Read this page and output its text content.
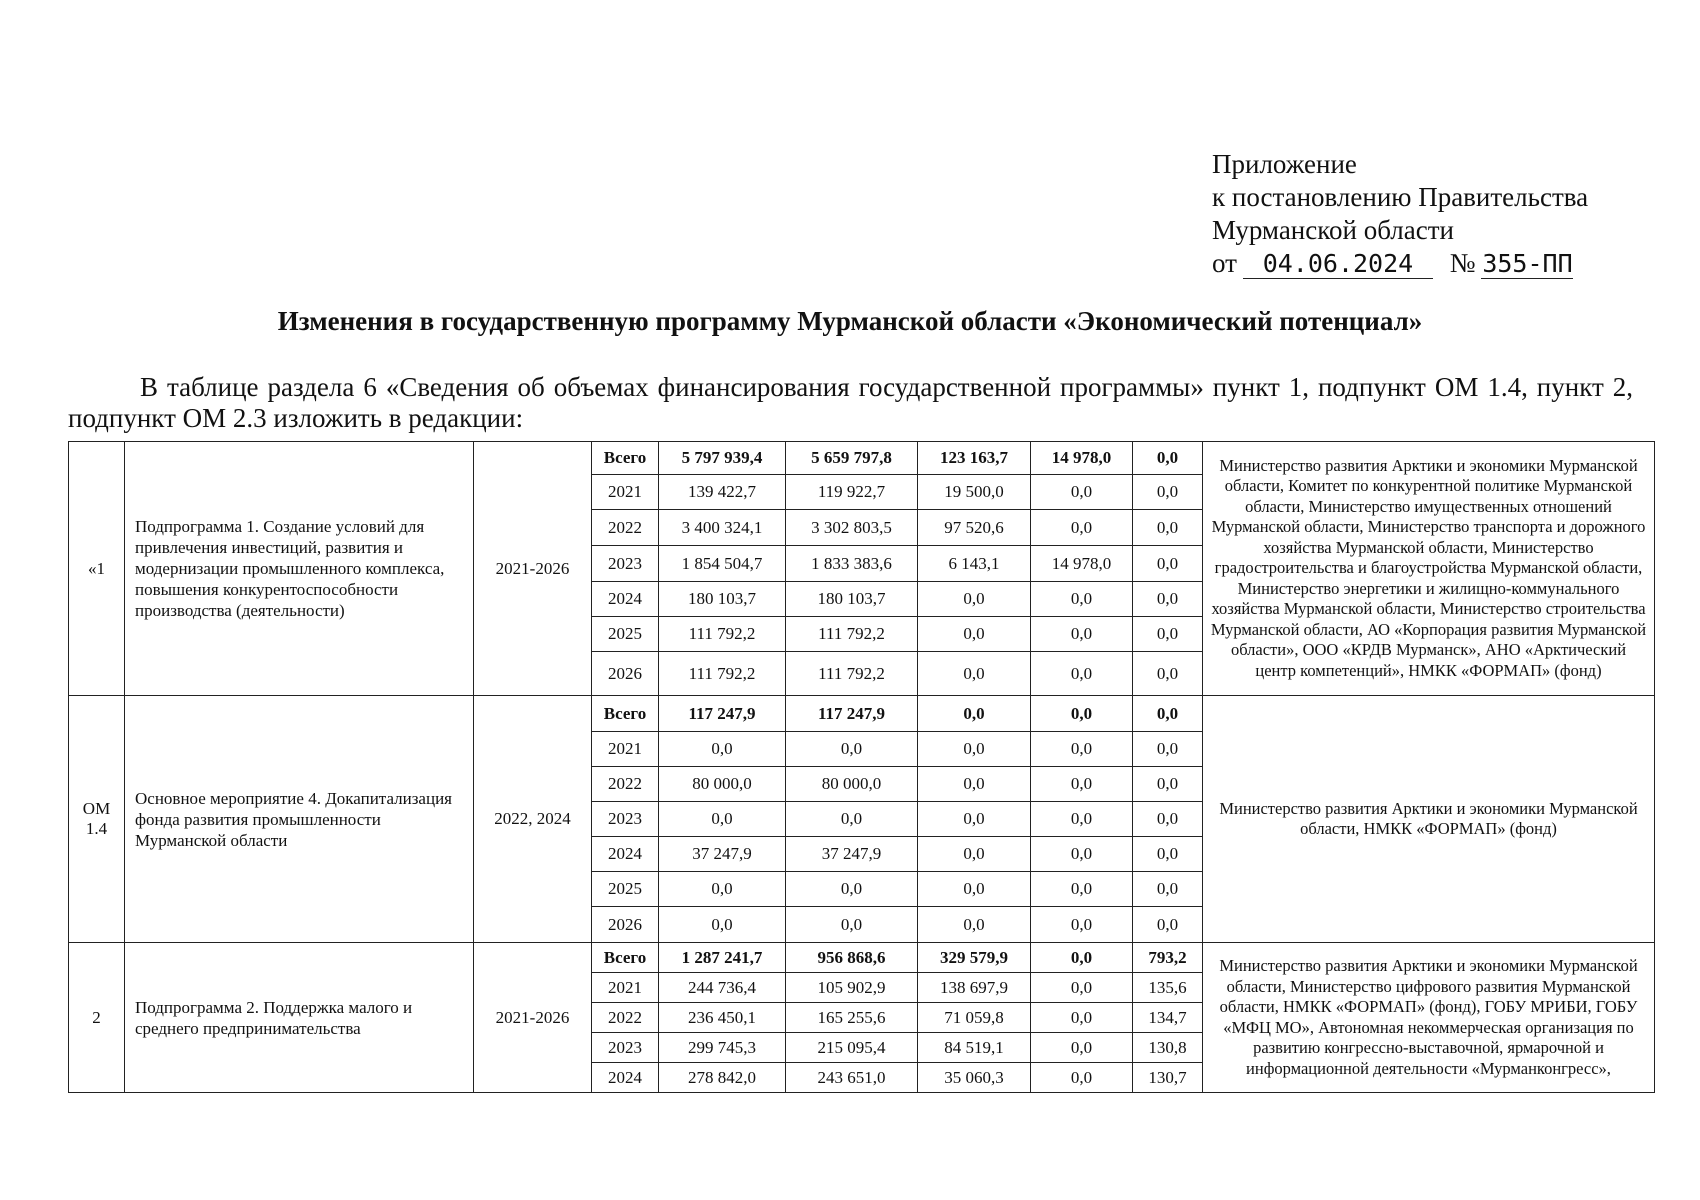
Приложение
к постановлению Правительства
Мурманской области
от 04.06.2024 № 355-ПП
Изменения в государственную программу Мурманской области «Экономический потенциал»
В таблице раздела 6 «Сведения об объемах финансирования государственной программы» пункт 1, подпункт ОМ 1.4, пункт 2, подпункт ОМ 2.3 изложить в редакции:
«1	Подпрограмма 1. Создание условий для привлечения инвестиций, развития и модернизации промышленного комплекса, повышения конкурентоспособности производства (деятельности)	2021-2026	Всего	5 797 939,4	5 659 797,8	123 163,7	14 978,0	0,0	Министерство развития Арктики и экономики Мурманской области, Комитет по конкурентной политике Мурманской области, Министерство имущественных отношений Мурманской области, Министерство транспорта и дорожного хозяйства Мурманской области, Министерство градостроительства и благоустройства Мурманской области, Министерство энергетики и жилищно-коммунального хозяйства Мурманской области, Министерство строительства Мурманской области, АО «Корпорация развития Мурманской области», ООО «КРДВ Мурманск», АНО «Арктический центр компетенций», НМКК «ФОРМАП» (фонд)
			2021	139 422,7	119 922,7	19 500,0	0,0	0,0	
			2022	3 400 324,1	3 302 803,5	97 520,6	0,0	0,0	
			2023	1 854 504,7	1 833 383,6	6 143,1	14 978,0	0,0	
			2024	180 103,7	180 103,7	0,0	0,0	0,0	
			2025	111 792,2	111 792,2	0,0	0,0	0,0	
			2026	111 792,2	111 792,2	0,0	0,0	0,0	
ОМ 1.4	Основное мероприятие 4. Докапитализация фонда развития промышленности Мурманской области	2022, 2024	Всего	117 247,9	117 247,9	0,0	0,0	0,0	Министерство развития Арктики и экономики Мурманской области, НМКК «ФОРМАП» (фонд)
			2021	0,0	0,0	0,0	0,0	0,0	
			2022	80 000,0	80 000,0	0,0	0,0	0,0	
			2023	0,0	0,0	0,0	0,0	0,0	
			2024	37 247,9	37 247,9	0,0	0,0	0,0	
			2025	0,0	0,0	0,0	0,0	0,0	
			2026	0,0	0,0	0,0	0,0	0,0	
2	Подпрограмма 2. Поддержка малого и среднего предпринимательства	2021-2026	Всего	1 287 241,7	956 868,6	329 579,9	0,0	793,2	Министерство развития Арктики и экономики Мурманской области, Министерство цифрового развития Мурманской области, НМКК «ФОРМАП» (фонд), ГОБУ МРИБИ, ГОБУ «МФЦ МО», Автономная некоммерческая организация по развитию конгрессно-выставочной, ярмарочной и информационной деятельности «Мурманконгресс»,
			2021	244 736,4	105 902,9	138 697,9	0,0	135,6	
			2022	236 450,1	165 255,6	71 059,8	0,0	134,7	
			2023	299 745,3	215 095,4	84 519,1	0,0	130,8	
			2024	278 842,0	243 651,0	35 060,3	0,0	130,7	
